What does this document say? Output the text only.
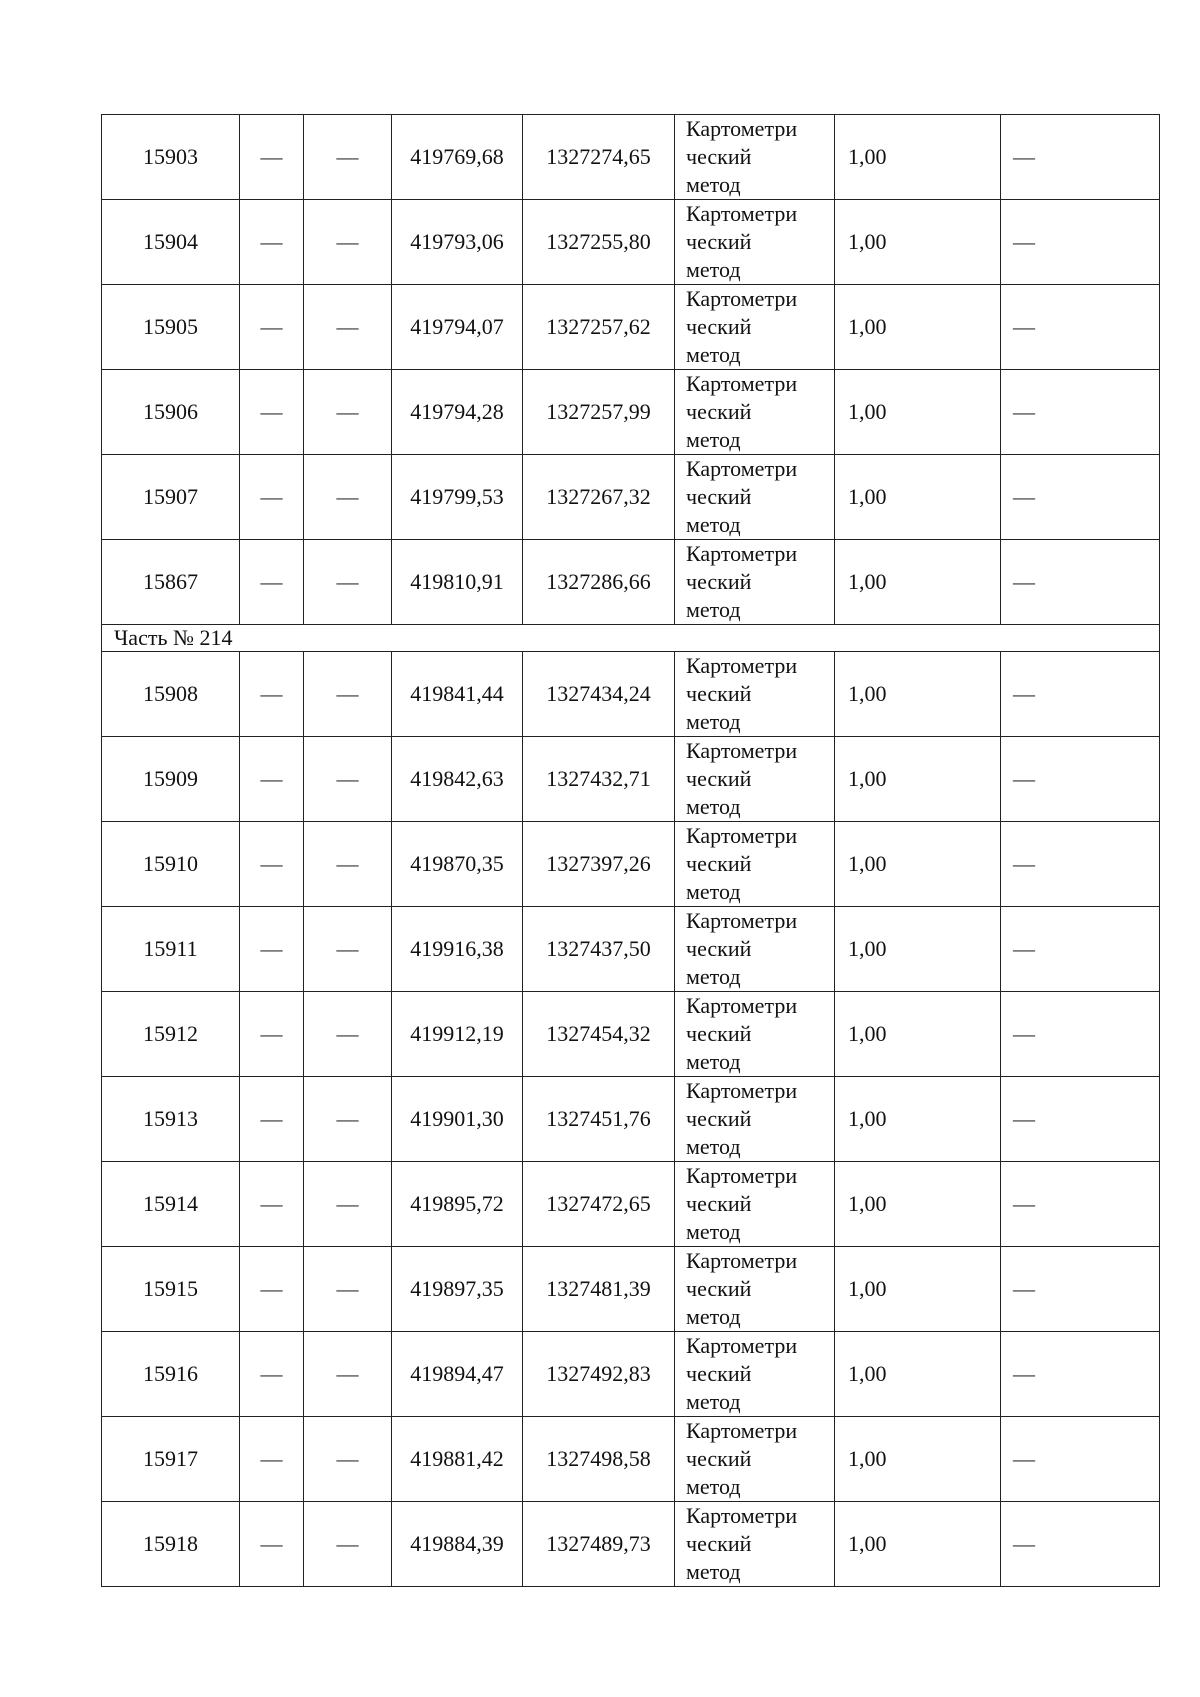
15903	—	—	419769,68	1327274,65	Картометри
ческий
метод	1,00	—
15904	—	—	419793,06	1327255,80	Картометри
ческий
метод	1,00	—
15905	—	—	419794,07	1327257,62	Картометри
ческий
метод	1,00	—
15906	—	—	419794,28	1327257,99	Картометри
ческий
метод	1,00	—
15907	—	—	419799,53	1327267,32	Картометри
ческий
метод	1,00	—
15867	—	—	419810,91	1327286,66	Картометри
ческий
метод	1,00	—
Часть № 214							
15908	—	—	419841,44	1327434,24	Картометри
ческий
метод	1,00	—
15909	—	—	419842,63	1327432,71	Картометри
ческий
метод	1,00	—
15910	—	—	419870,35	1327397,26	Картометри
ческий
метод	1,00	—
15911	—	—	419916,38	1327437,50	Картометри
ческий
метод	1,00	—
15912	—	—	419912,19	1327454,32	Картометри
ческий
метод	1,00	—
15913	—	—	419901,30	1327451,76	Картометри
ческий
метод	1,00	—
15914	—	—	419895,72	1327472,65	Картометри
ческий
метод	1,00	—
15915	—	—	419897,35	1327481,39	Картометри
ческий
метод	1,00	—
15916	—	—	419894,47	1327492,83	Картометри
ческий
метод	1,00	—
15917	—	—	419881,42	1327498,58	Картометри
ческий
метод	1,00	—
15918	—	—	419884,39	1327489,73	Картометри
ческий
метод	1,00	—
